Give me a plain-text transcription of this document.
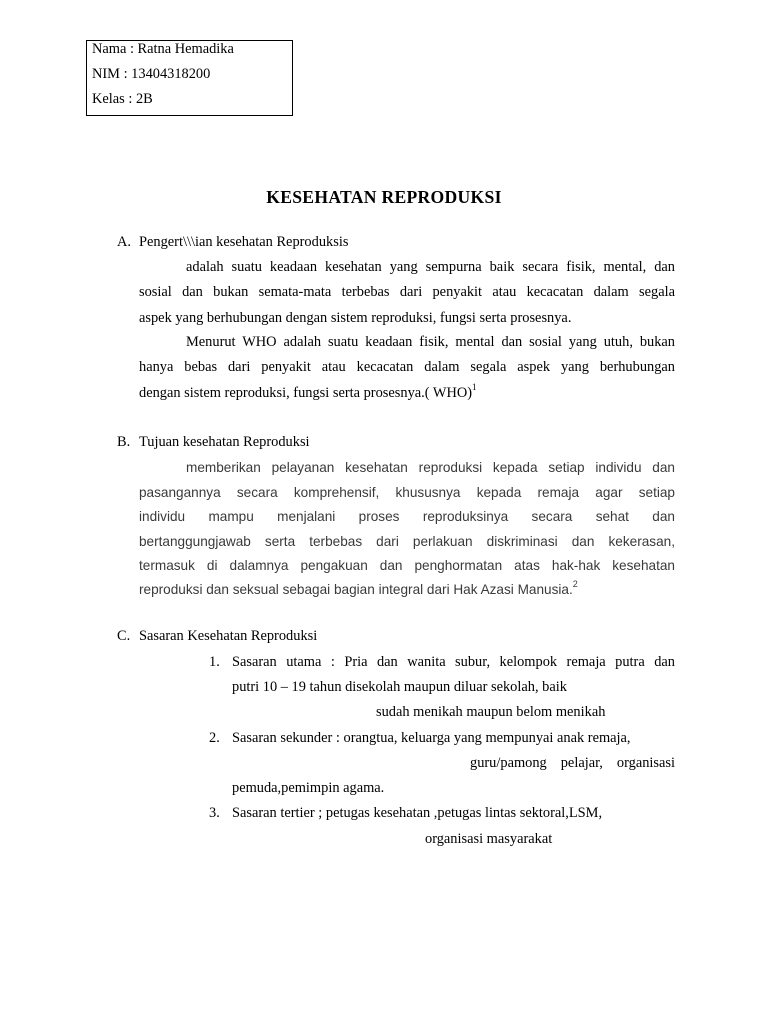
Nama : Ratna Hemadika
NIM : 13404318200
Kelas : 2B
KESEHATAN REPRODUKSI
A. Pengert\\\ian kesehatan Reproduksis
adalah suatu keadaan kesehatan yang sempurna baik secara fisik, mental, dan
sosial dan bukan semata-mata terbebas dari penyakit atau kecacatan dalam segala
aspek yang berhubungan dengan sistem reproduksi, fungsi serta prosesnya.
Menurut WHO adalah suatu keadaan fisik, mental dan sosial yang utuh, bukan
hanya bebas dari penyakit atau kecacatan dalam segala aspek yang berhubungan
dengan sistem reproduksi, fungsi serta prosesnya.( WHO)$^1$
B. Tujuan kesehatan Reproduksi
memberikan pelayanan kesehatan reproduksi kepada setiap individu dan
pasangannya secara komprehensif, khususnya kepada remaja agar setiap
individu mampu menjalani proses reproduksinya secara sehat dan
bertanggungjawab serta terbebas dari perlakuan diskriminasi dan kekerasan,
termasuk di dalamnya pengakuan dan penghormatan atas hak-hak kesehatan
reproduksi dan seksual sebagai bagian integral dari Hak Azasi Manusia.$^2$
C. Sasaran Kesehatan Reproduksi
1. Sasaran utama : Pria dan wanita subur, kelompok remaja putra dan
putri 10 – 19 tahun disekolah maupun diluar sekolah, baik
sudah menikah maupun belom menikah
2. Sasaran sekunder : orangtua, keluarga yang mempunyai anak remaja,
guru/pamong pelajar, organisasi
pemuda,pemimpin agama.
3. Sasaran tertier ; petugas kesehatan ,petugas lintas sektoral,LSM,
organisasi masyarakat
